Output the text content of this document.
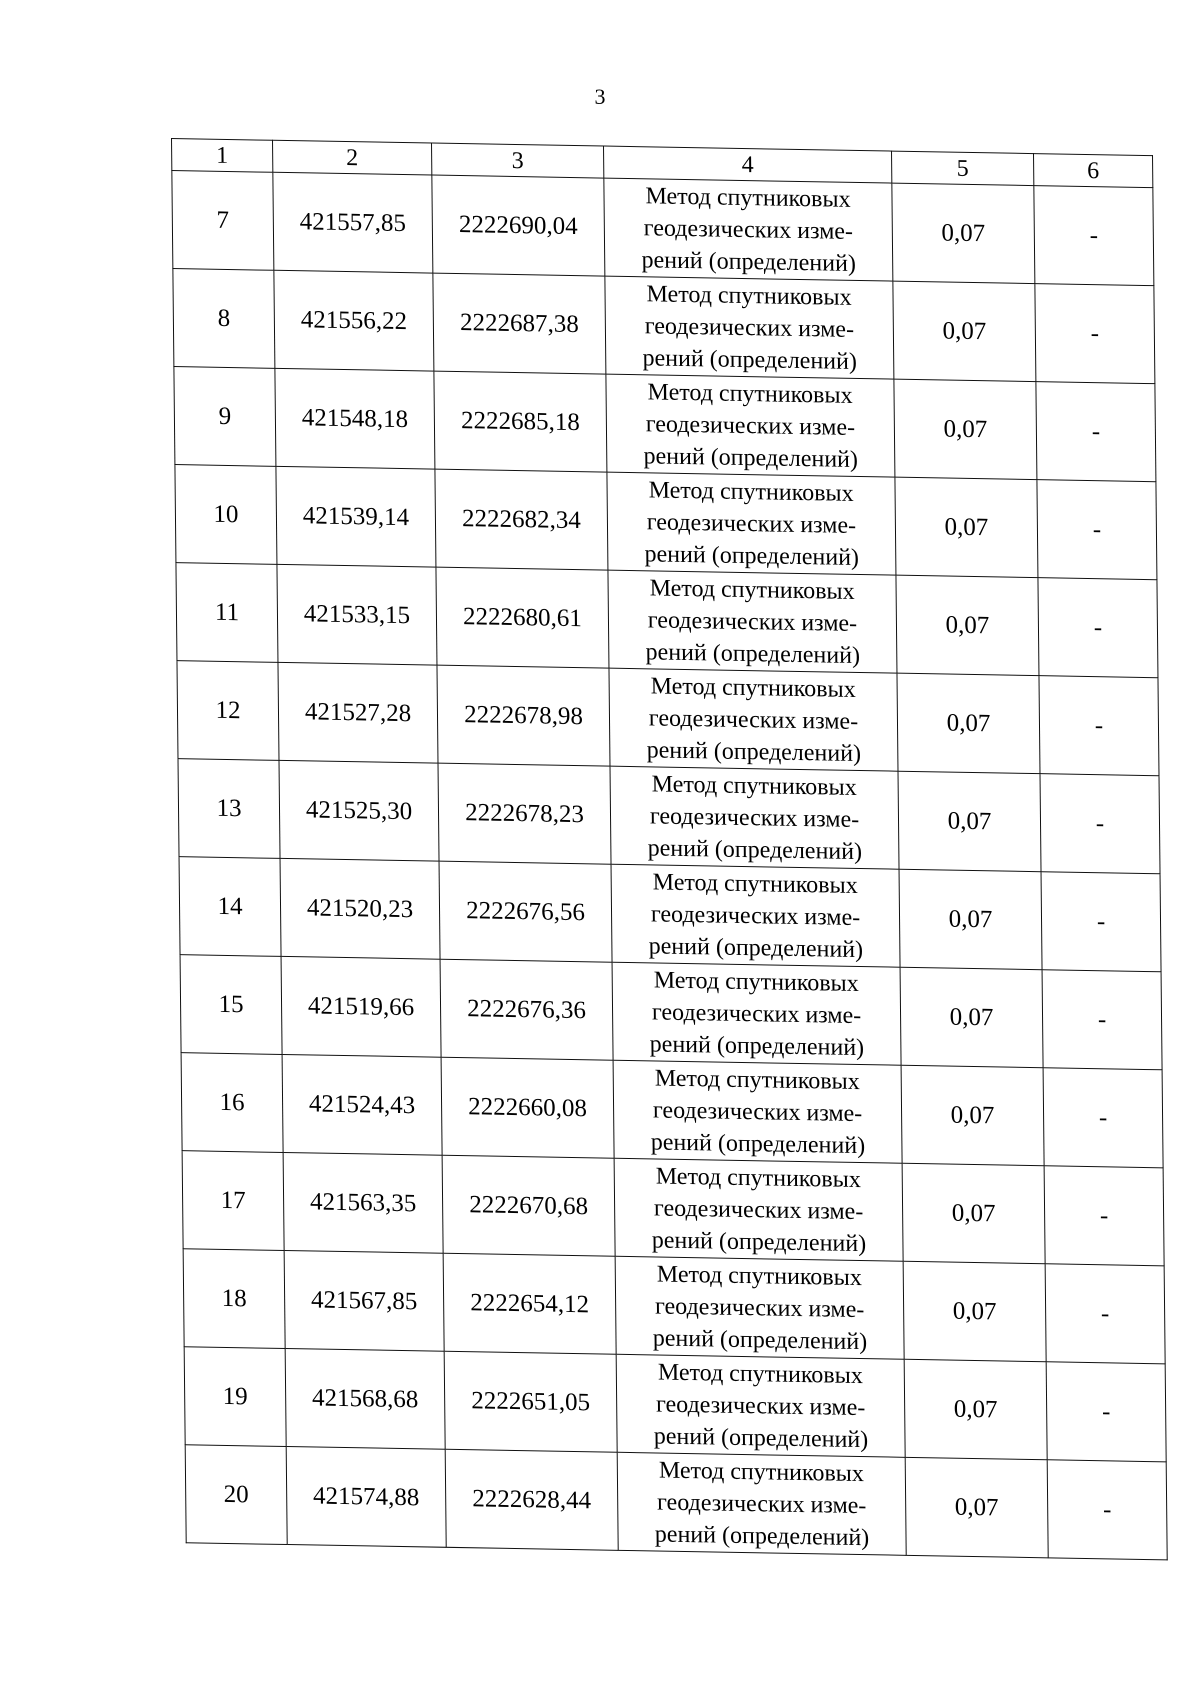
3
1	2	3	4	5	6
7	421557,85	2222690,04	Метод спутниковых
геодезических изме-
рений (определений)	0,07	-
8	421556,22	2222687,38	Метод спутниковых
геодезических изме-
рений (определений)	0,07	-
9	421548,18	2222685,18	Метод спутниковых
геодезических изме-
рений (определений)	0,07	-
10	421539,14	2222682,34	Метод спутниковых
геодезических изме-
рений (определений)	0,07	-
11	421533,15	2222680,61	Метод спутниковых
геодезических изме-
рений (определений)	0,07	-
12	421527,28	2222678,98	Метод спутниковых
геодезических изме-
рений (определений)	0,07	-
13	421525,30	2222678,23	Метод спутниковых
геодезических изме-
рений (определений)	0,07	-
14	421520,23	2222676,56	Метод спутниковых
геодезических изме-
рений (определений)	0,07	-
15	421519,66	2222676,36	Метод спутниковых
геодезических изме-
рений (определений)	0,07	-
16	421524,43	2222660,08	Метод спутниковых
геодезических изме-
рений (определений)	0,07	-
17	421563,35	2222670,68	Метод спутниковых
геодезических изме-
рений (определений)	0,07	-
18	421567,85	2222654,12	Метод спутниковых
геодезических изме-
рений (определений)	0,07	-
19	421568,68	2222651,05	Метод спутниковых
геодезических изме-
рений (определений)	0,07	-
20	421574,88	2222628,44	Метод спутниковых
геодезических изме-
рений (определений)	0,07	-
